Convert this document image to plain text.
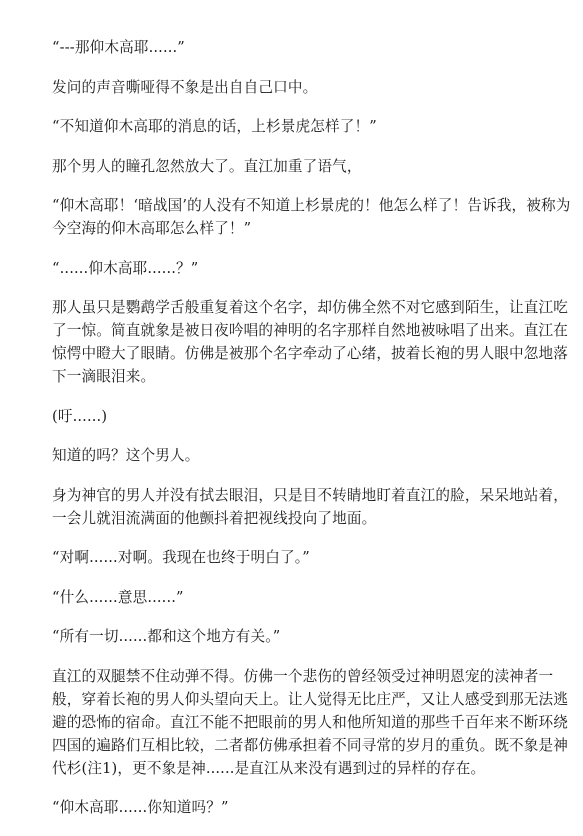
“---那仰木高耶......”

发问的声音嘶哑得不象是出自自己口中。

“不知道仰木高耶的消息的话，上杉景虎怎样了！”

那个男人的瞳孔忽然放大了。直江加重了语气，

“仰木高耶！‘暗战国’的人没有不知道上杉景虎的！他怎么样了！告诉我，被称为今空海的仰木高耶怎么样了！”

“......仰木高耶......？”

那人虽只是鹦鹉学舌般重复着这个名字，却仿佛全然不对它感到陌生，让直江吃了一惊。简直就象是被日夜吟唱的神明的名字那样自然地被咏唱了出来。直江在惊愕中瞪大了眼睛。仿佛是被那个名字牵动了心绪，披着长袍的男人眼中忽地落下一滴眼泪来。

(吁......)

知道的吗？这个男人。

身为神官的男人并没有拭去眼泪，只是目不转睛地盯着直江的脸，呆呆地站着，一会儿就泪流满面的他颤抖着把视线投向了地面。

“对啊......对啊。我现在也终于明白了。”

“什么......意思......”

“所有一切......都和这个地方有关。”

直江的双腿禁不住动弹不得。仿佛一个悲伤的曾经领受过神明恩宠的渎神者一般，穿着长袍的男人仰头望向天上。让人觉得无比庄严，又让人感受到那无法逃避的恐怖的宿命。直江不能不把眼前的男人和他所知道的那些千百年来不断环绕四国的遍路们互相比较，二者都仿佛承担着不同寻常的岁月的重负。既不象是神代杉(注1)，更不象是神......是直江从来没有遇到过的异样的存在。

“仰木高耶......你知道吗？”
